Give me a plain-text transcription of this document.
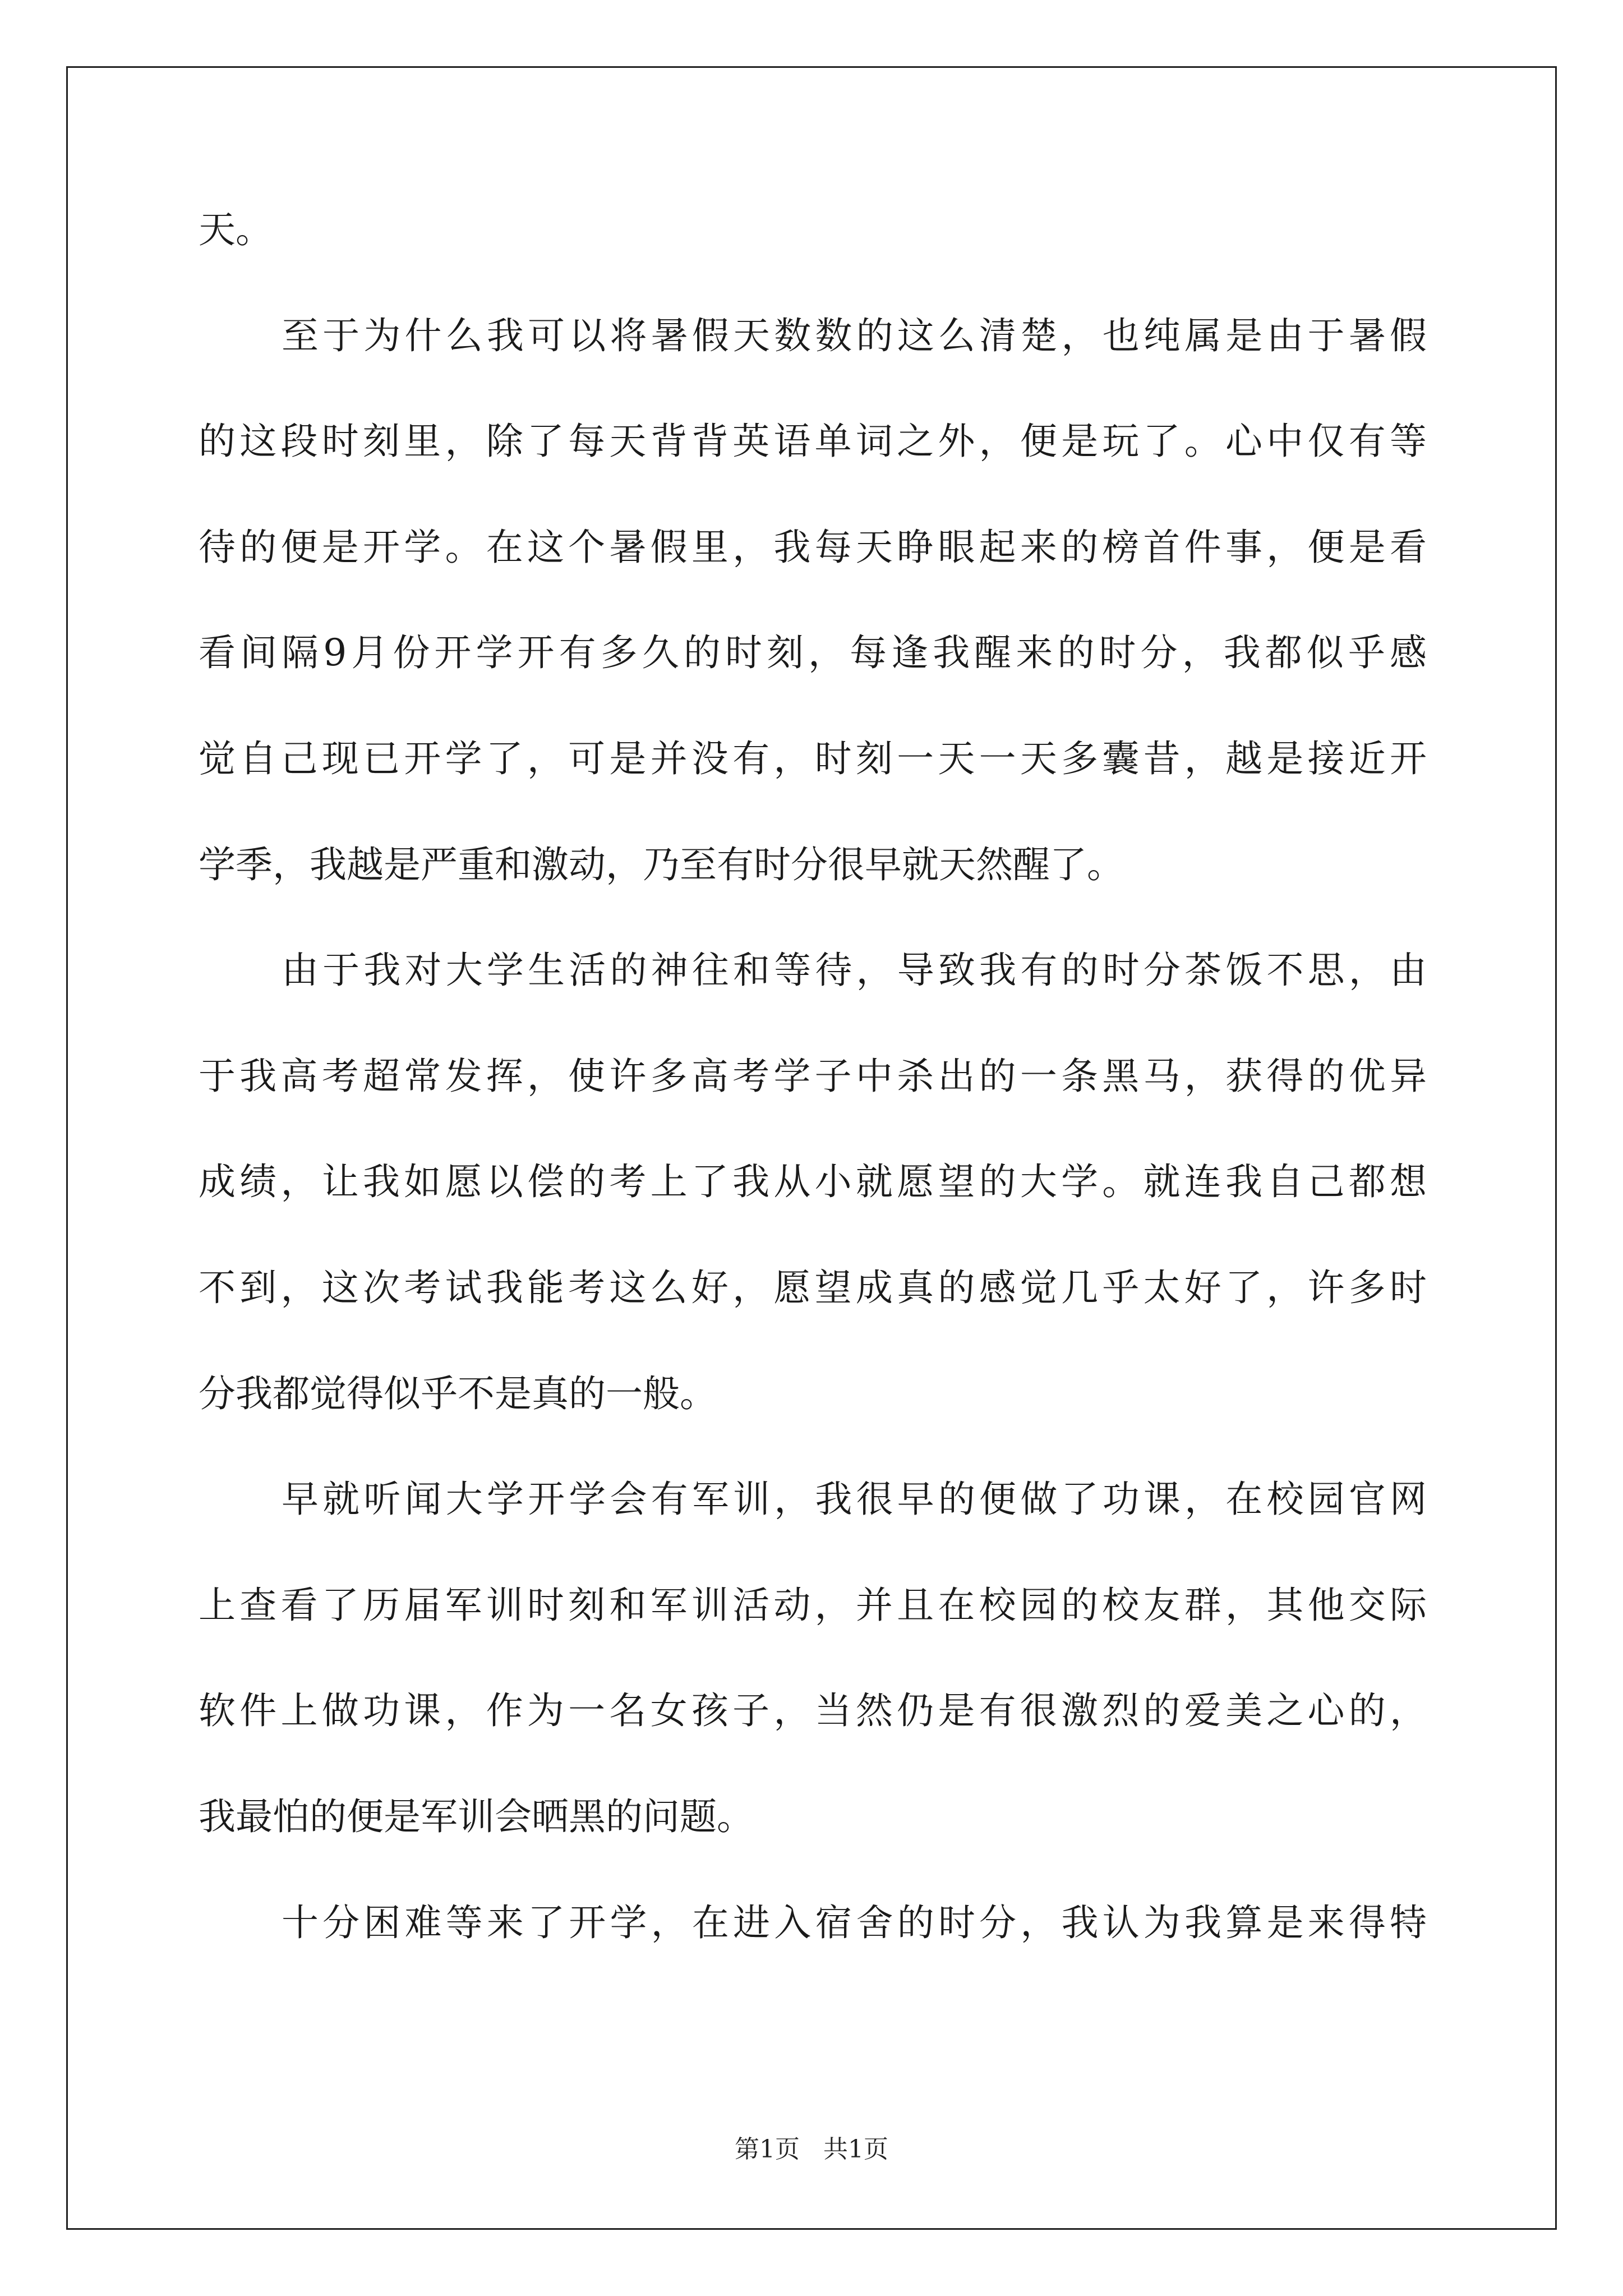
天。
至于为什么我可以将暑假天数数的这么清楚，也纯属是由于暑假
的这段时刻里，除了每天背背英语单词之外，便是玩了。心中仅有等
待的便是开学。在这个暑假里，我每天睁眼起来的榜首件事，便是看
看间隔9月份开学开有多久的时刻，每逢我醒来的时分，我都似乎感
觉自己现已开学了，可是并没有，时刻一天一天多囊昔，越是接近开
学季，我越是严重和激动，乃至有时分很早就天然醒了。
由于我对大学生活的神往和等待，导致我有的时分茶饭不思，由
于我高考超常发挥，使许多高考学子中杀出的一条黑马，获得的优异
成绩，让我如愿以偿的考上了我从小就愿望的大学。就连我自己都想
不到，这次考试我能考这么好，愿望成真的感觉几乎太好了，许多时
分我都觉得似乎不是真的一般。
早就听闻大学开学会有军训，我很早的便做了功课，在校园官网
上查看了历届军训时刻和军训活动，并且在校园的校友群，其他交际
软件上做功课，作为一名女孩子，当然仍是有很激烈的爱美之心的，
我最怕的便是军训会晒黑的问题。
十分困难等来了开学，在进入宿舍的时分，我认为我算是来得特
第1页   共1页
